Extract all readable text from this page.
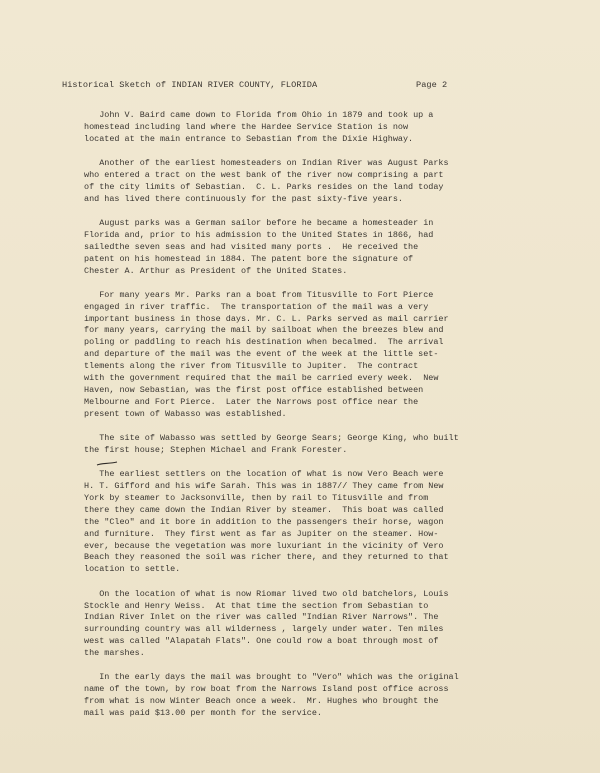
Historical Sketch of INDIAN RIVER COUNTY, FLORIDA	Page 2
John V. Baird came down to Florida from Ohio in 1879 and took up a
homestead including land where the Hardee Service Station is now
located at the main entrance to Sebastian from the Dixie Highway.
Another of the earliest homesteaders on Indian River was August Parks
who entered a tract on the west bank of the river now comprising a part
of the city limits of Sebastian.  C. L. Parks resides on the land today
and has lived there continuously for the past sixty-five years.
August parks was a German sailor before he became a homesteader in
Florida and, prior to his admission to the United States in 1866, had
sailedthe seven seas and had visited many ports .  He received the
patent on his homestead in 1884. The patent bore the signature of
Chester A. Arthur as President of the United States.
For many years Mr. Parks ran a boat from Titusville to Fort Pierce
engaged in river traffic.  The transportation of the mail was a very
important business in those days. Mr. C. L. Parks served as mail carrier
for many years, carrying the mail by sailboat when the breezes blew and
poling or paddling to reach his destination when becalmed.  The arrival
and departure of the mail was the event of the week at the little set-
tlements along the river from Titusville to Jupiter.  The contract
with the government required that the mail be carried every week.  New
Haven, now Sebastian, was the first post office established between
Melbourne and Fort Pierce.  Later the Narrows post office near the
present town of Wabasso was established.
The site of Wabasso was settled by George Sears; George King, who built
the first house; Stephen Michael and Frank Forester.
The earliest settlers on the location of what is now Vero Beach were
H. T. Gifford and his wife Sarah. This was in 1887// They came from New
York by steamer to Jacksonville, then by rail to Titusville and from
there they came down the Indian River by steamer.  This boat was called
the "Cleo" and it bore in addition to the passengers their horse, wagon
and furniture.  They first went as far as Jupiter on the steamer. How-
ever, because the vegetation was more luxuriant in the vicinity of Vero
Beach they reasoned the soil was richer there, and they returned to that
location to settle.
On the location of what is now Riomar lived two old batchelors, Louis
Stockle and Henry Weiss.  At that time the section from Sebastian to
Indian River Inlet on the river was called "Indian River Narrows". The
surrounding country was all wilderness , largely under water. Ten miles
west was called "Alapatah Flats". One could row a boat through most of
the marshes.
In the early days the mail was brought to "Vero" which was the original
name of the town, by row boat from the Narrows Island post office across
from what is now Winter Beach once a week.  Mr. Hughes who brought the
mail was paid $13.00 per month for the service.
